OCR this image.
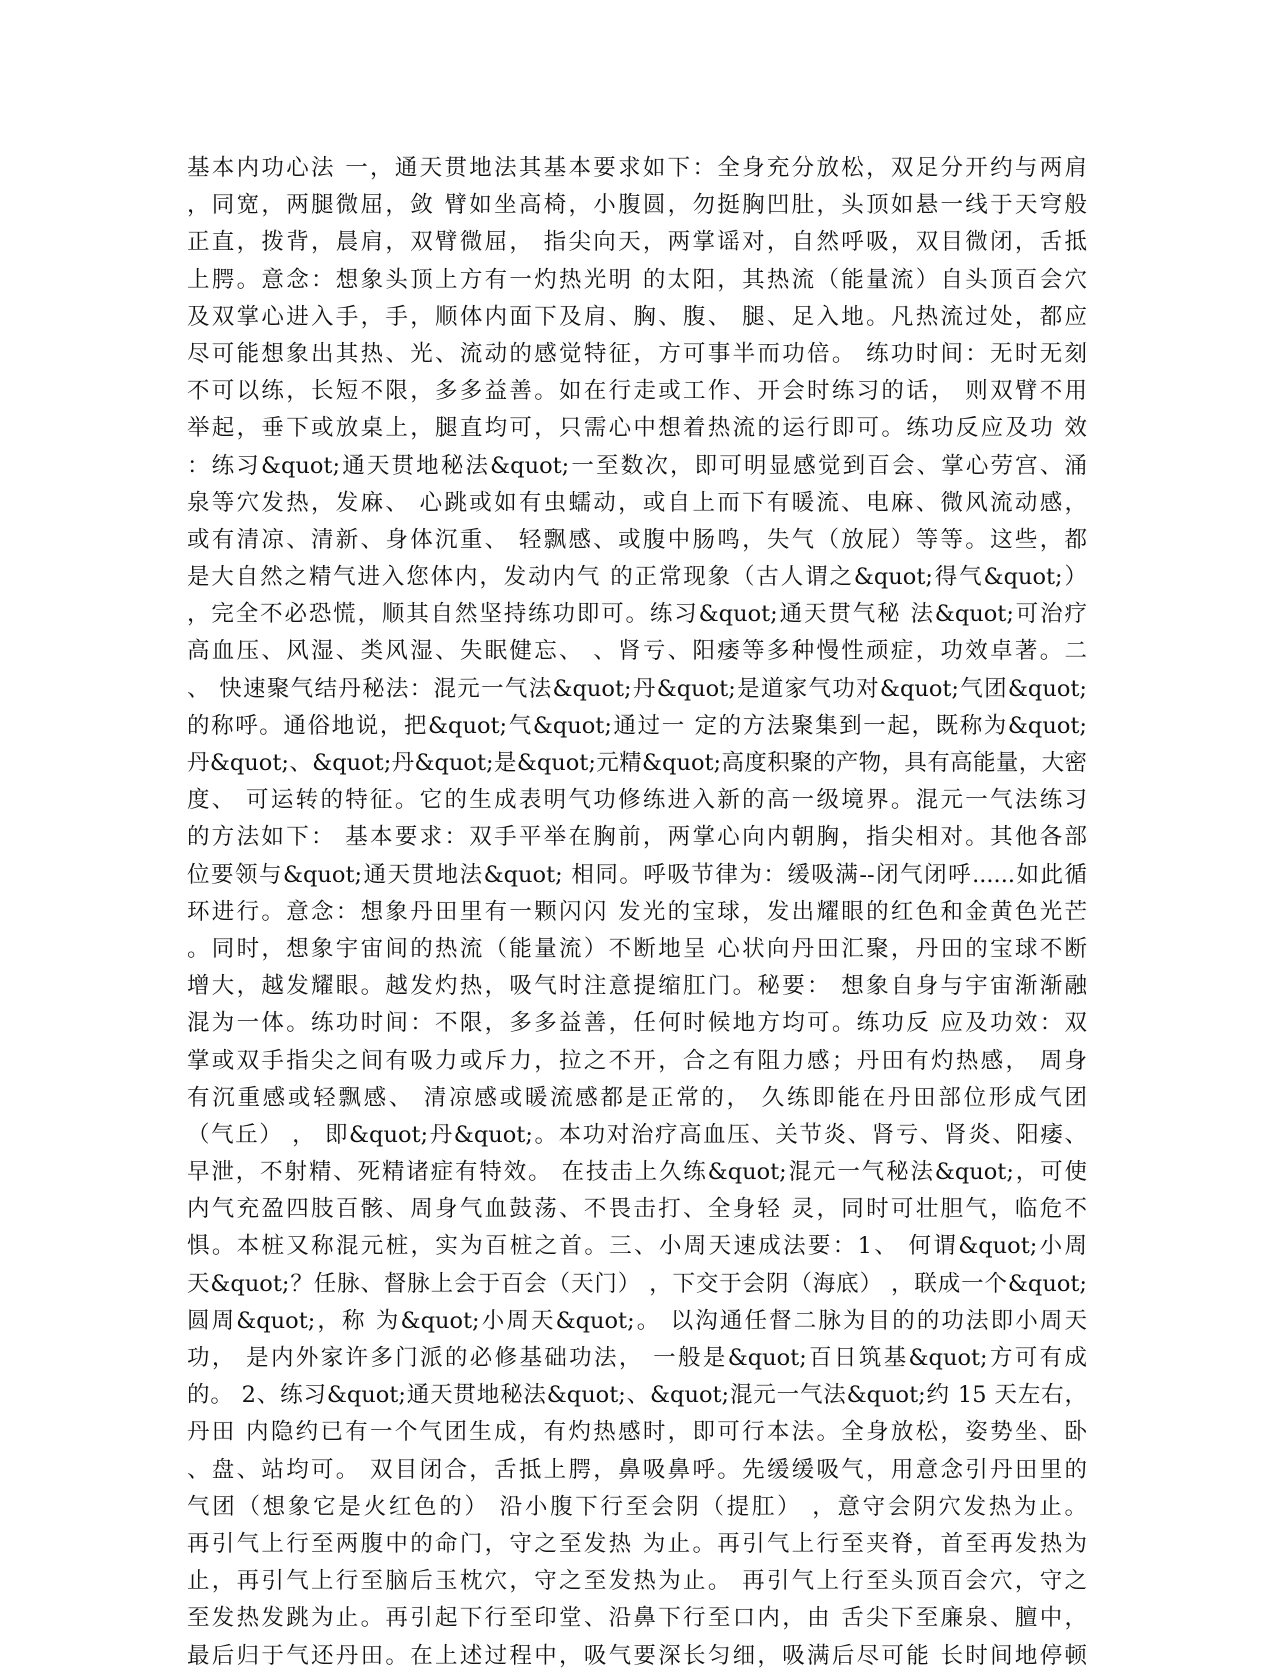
基本内功心法 一，通天贯地法其基本要求如下：全身充分放松，双足分开约与两肩
，同宽，两腿微屈，敛 臂如坐高椅，小腹圆，勿挺胸凹肚，头顶如悬一线于天穹般
正直，拨背，晨肩，双臂微屈， 指尖向天，两掌谣对，自然呼吸，双目微闭，舌抵
上腭。意念：想象头顶上方有一灼热光明 的太阳，其热流（能量流）自头顶百会穴
及双掌心进入手，手，顺体内面下及肩、胸、腹、 腿、足入地。凡热流过处，都应
尽可能想象出其热、光、流动的感觉特征，方可事半而功倍。 练功时间：无时无刻
不可以练，长短不限，多多益善。如在行走或工作、开会时练习的话， 则双臂不用
举起，垂下或放桌上，腿直均可，只需心中想着热流的运行即可。练功反应及功 效
：练习&quot;通天贯地秘法&quot;一至数次，即可明显感觉到百会、掌心劳宫、涌
泉等穴发热，发麻、 心跳或如有虫蠕动，或自上而下有暖流、电麻、微风流动感，
或有清凉、清新、身体沉重、 轻飘感、或腹中肠鸣，失气（放屁）等等。这些，都
是大自然之精气进入您体内，发动内气 的正常现象（古人谓之&quot;得气&quot;）
，完全不必恐慌，顺其自然坚持练功即可。练习&quot;通天贯气秘 法&quot;可治疗
高血压、风湿、类风湿、失眠健忘、 、肾亏、阳痿等多种慢性顽症，功效卓著。二
、 快速聚气结丹秘法：混元一气法&quot;丹&quot;是道家气功对&quot;气团&quot;
的称呼。通俗地说，把&quot;气&quot;通过一 定的方法聚集到一起，既称为&quot;
丹&quot;、&quot;丹&quot;是&quot;元精&quot;高度积聚的产物，具有高能量，大密
度、 可运转的特征。它的生成表明气功修练进入新的高一级境界。混元一气法练习
的方法如下： 基本要求：双手平举在胸前，两掌心向内朝胸，指尖相对。其他各部
位要领与&quot;通天贯地法&quot; 相同。呼吸节律为：缓吸满--闭气闭呼......如此循
环进行。意念：想象丹田里有一颗闪闪 发光的宝球，发出耀眼的红色和金黄色光芒
。同时，想象宇宙间的热流（能量流）不断地呈 心状向丹田汇聚，丹田的宝球不断
增大，越发耀眼。越发灼热，吸气时注意提缩肛门。秘要： 想象自身与宇宙渐渐融
混为一体。练功时间：不限，多多益善，任何时候地方均可。练功反 应及功效：双
掌或双手指尖之间有吸力或斥力，拉之不开，合之有阻力感；丹田有灼热感， 周身
有沉重感或轻飘感、 清凉感或暖流感都是正常的， 久练即能在丹田部位形成气团
（气丘） ， 即&quot;丹&quot;。本功对治疗高血压、关节炎、肾亏、肾炎、阳痿、
早泄，不射精、死精诸症有特效。 在技击上久练&quot;混元一气秘法&quot;，可使
内气充盈四肢百骸、周身气血鼓荡、不畏击打、全身轻 灵，同时可壮胆气，临危不
惧。本桩又称混元桩，实为百桩之首。三、小周天速成法要：1、 何谓&quot;小周
天&quot;？任脉、督脉上会于百会（天门） ，下交于会阴（海底） ，联成一个&quot;
圆周&quot;，称 为&quot;小周天&quot;。 以沟通任督二脉为目的的功法即小周天
功， 是内外家许多门派的必修基础功法， 一般是&quot;百日筑基&quot;方可有成
的。 2、练习&quot;通天贯地秘法&quot;、&quot;混元一气法&quot;约 15 天左右，
丹田 内隐约已有一个气团生成，有灼热感时，即可行本法。全身放松，姿势坐、卧
、盘、站均可。 双目闭合，舌抵上腭，鼻吸鼻呼。先缓缓吸气，用意念引丹田里的
气团（想象它是火红色的） 沿小腹下行至会阴（提肛） ，意守会阴穴发热为止。
再引气上行至两腹中的命门，守之至发热 为止。再引气上行至夹脊，首至再发热为
止，再引气上行至脑后玉枕穴，守之至发热为止。 再引气上行至头顶百会穴，守之
至发热发跳为止。再引起下行至印堂、沿鼻下行至口内，由 舌尖下至廉泉、膻中，
最后归于气还丹田。在上述过程中，吸气要深长匀细，吸满后尽可能 长时间地停顿
